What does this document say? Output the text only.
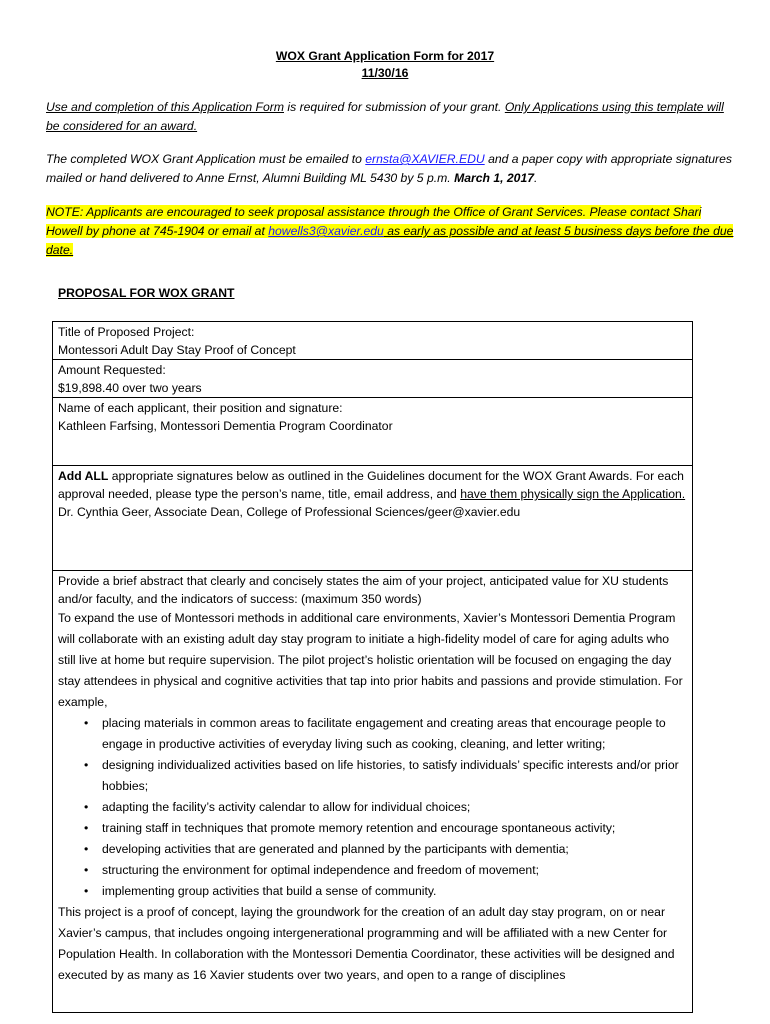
WOX Grant Application Form for 2017
11/30/16
Use and completion of this Application Form is required for submission of your grant. Only Applications using this template will be considered for an award.
The completed WOX Grant Application must be emailed to ernsta@XAVIER.EDU and a paper copy with appropriate signatures mailed or hand delivered to Anne Ernst, Alumni Building ML 5430 by 5 p.m. March 1, 2017.
NOTE: Applicants are encouraged to seek proposal assistance through the Office of Grant Services. Please contact Shari Howell by phone at 745-1904 or email at howells3@xavier.edu as early as possible and at least 5 business days before the due date.
PROPOSAL FOR WOX GRANT
Title of Proposed Project:
Montessori Adult Day Stay Proof of Concept

Amount Requested:
$19,898.40 over two years

Name of each applicant, their position and signature:
Kathleen Farfsing, Montessori Dementia Program Coordinator

Add ALL appropriate signatures below as outlined in the Guidelines document for the WOX Grant Awards. For each approval needed, please type the person’s name, title, email address, and have them physically sign the Application.
Dr. Cynthia Geer, Associate Dean, College of Professional Sciences/geer@xavier.edu

Provide a brief abstract that clearly and concisely states the aim of your project, anticipated value for XU students and/or faculty, and the indicators of success: (maximum 350 words)
To expand the use of Montessori methods in additional care environments, Xavier’s Montessori Dementia Program will collaborate with an existing adult day stay program to initiate a high-fidelity model of care for aging adults who still live at home but require supervision. The pilot project’s holistic orientation will be focused on engaging the day stay attendees in physical and cognitive activities that tap into prior habits and passions and provide stimulation. For example,
• placing materials in common areas to facilitate engagement and creating areas that encourage people to engage in productive activities of everyday living such as cooking, cleaning, and letter writing;
• designing individualized activities based on life histories, to satisfy individuals’ specific interests and/or prior hobbies;
• adapting the facility’s activity calendar to allow for individual choices;
• training staff in techniques that promote memory retention and encourage spontaneous activity;
• developing activities that are generated and planned by the participants with dementia;
• structuring the environment for optimal independence and freedom of movement;
• implementing group activities that build a sense of community.
This project is a proof of concept, laying the groundwork for the creation of an adult day stay program, on or near Xavier’s campus, that includes ongoing intergenerational programming and will be affiliated with a new Center for Population Health. In collaboration with the Montessori Dementia Coordinator, these activities will be designed and executed by as many as 16 Xavier students over two years, and open to a range of disciplines
